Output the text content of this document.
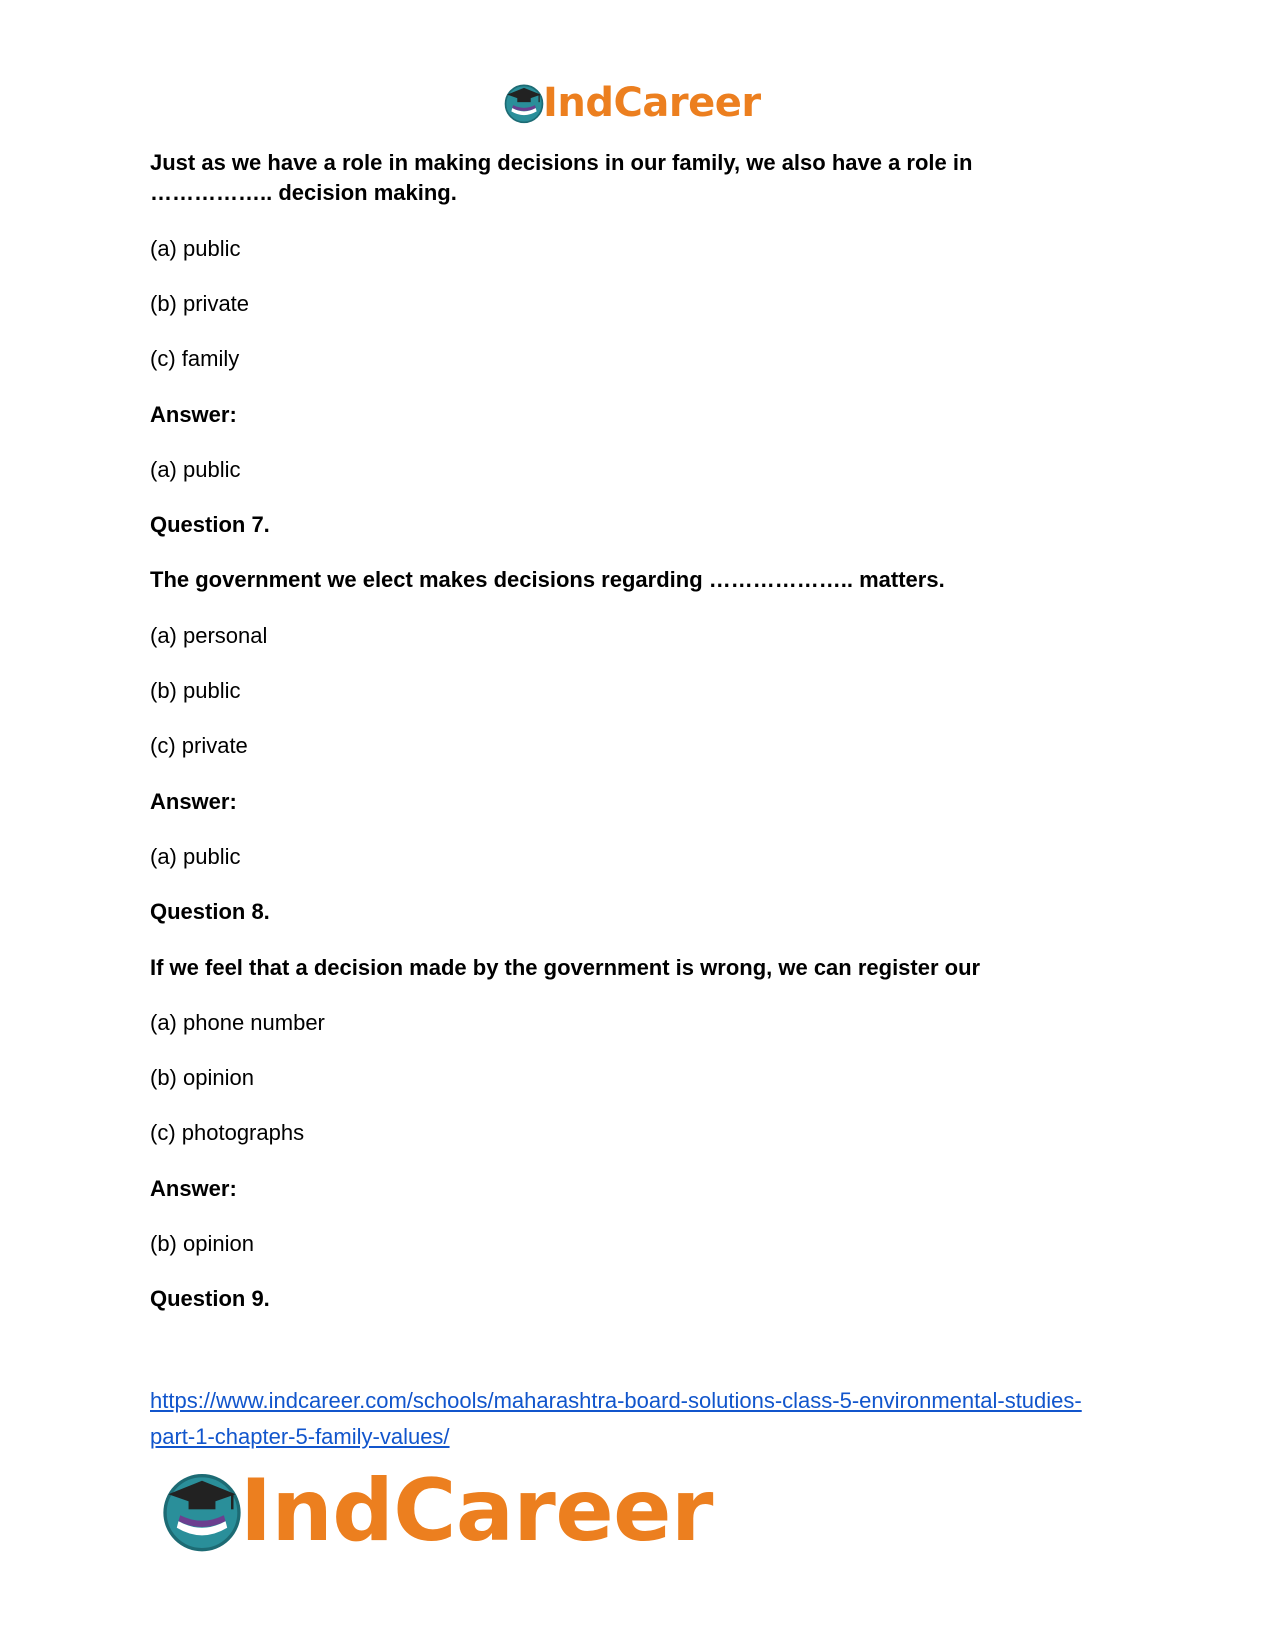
IndCareer
Just as we have a role in making decisions in our family, we also have a role in
…………….. decision making.
(a) public
(b) private
(c) family
Answer:
(a) public
Question 7.
The government we elect makes decisions regarding ……………….. matters.
(a) personal
(b) public
(c) private
Answer:
(a) public
Question 8.
If we feel that a decision made by the government is wrong, we can register our
(a) phone number
(b) opinion
(c) photographs
Answer:
(b) opinion
Question 9.
https://www.indcareer.com/schools/maharashtra-board-solutions-class-5-environmental-studies-
part-1-chapter-5-family-values/
IndCareer
